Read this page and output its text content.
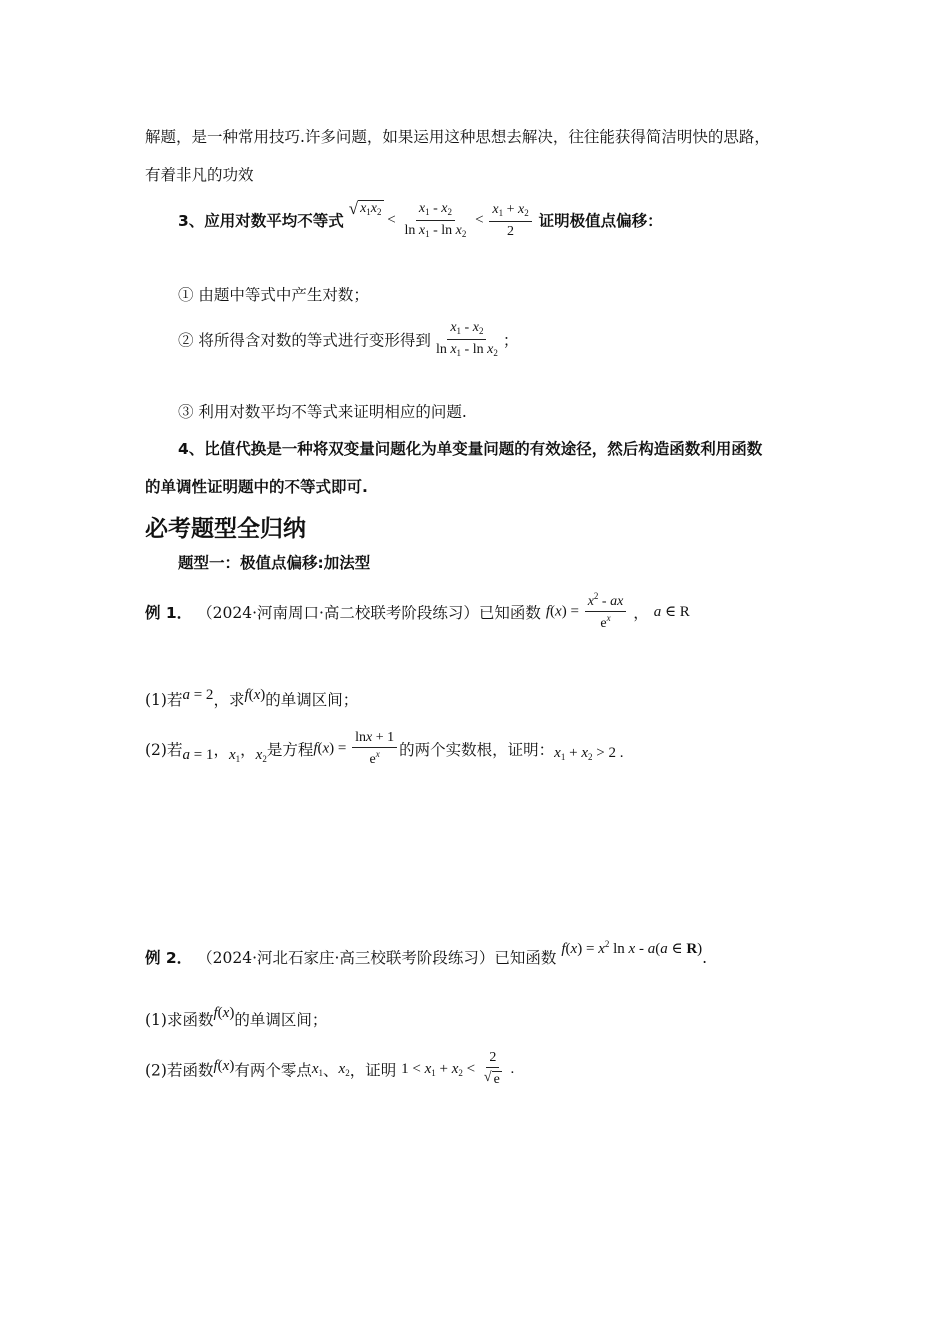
解题，是一种常用技巧.许多问题，如果运用这种思想去解决，往往能获得简洁明快的思路，
有着非凡的功效
3、应用对数平均不等式
√ $x_1x_2 < \frac{x_1 - x_2}{\ln x_1 - \ln x_2} < \frac{x_1 + x_2}{2}$ 证明极值点偏移：
① 由题中等式中产生对数；
② 将所得含对数的等式进行变形得到 $\frac{x_1 - x_2}{\ln x_1 - \ln x_2}$ ；
③ 利用对数平均不等式来证明相应的问题.
4、比值代换是一种将双变量问题化为单变量问题的有效途径，然后构造函数利用函数
的单调性证明题中的不等式即可.
必考题型全归纳
题型一：极值点偏移:加法型
例 1． （2024·河南周口·高二校联考阶段练习）已知函数 $f(x) = \frac{x^2 - ax}{e^x}$ ， a ∈ R
(1)若a = 2，求f(x)的单调区间；
(2)若a = 1，$x_1$，$x_2$是方程$f(x) = \frac{\ln x + 1}{e^x}$ 的两个实数根，证明：$x_1 + x_2 > 2$ .
例 2． （2024·河北石家庄·高三校联考阶段练习）已知函数 $f(x) = x^2$ ln x - a(a ∈ R).
(1)求函数f(x)的单调区间；
(2)若函数f(x)有两个零点$x_1$、$x_2$，证明 $1 < x_1 + x_2 < \frac{2}{√ e}$ .
